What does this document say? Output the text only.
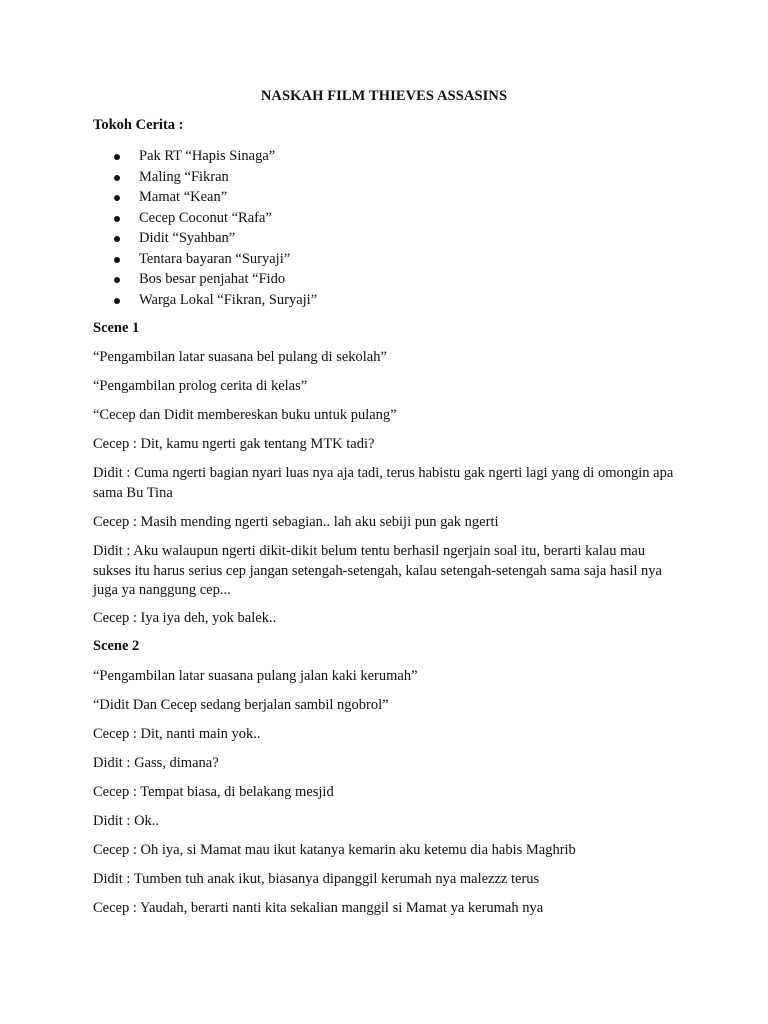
NASKAH FILM THIEVES ASSASINS
Tokoh Cerita :
Pak RT “Hapis Sinaga”
Maling “Fikran
Mamat “Kean”
Cecep Coconut “Rafa”
Didit “Syahban”
Tentara bayaran “Suryaji”
Bos besar penjahat “Fido
Warga Lokal “Fikran, Suryaji”
Scene 1
“Pengambilan latar suasana bel pulang di sekolah”
“Pengambilan prolog cerita di kelas”
“Cecep dan Didit membereskan buku untuk pulang”
Cecep : Dit, kamu ngerti gak tentang MTK tadi?
Didit : Cuma ngerti bagian nyari luas nya aja tadi, terus habistu gak ngerti lagi yang di omongin apa sama Bu Tina
Cecep : Masih mending ngerti sebagian.. lah aku sebiji pun gak ngerti
Didit : Aku walaupun ngerti dikit-dikit belum tentu berhasil ngerjain soal itu, berarti kalau mau sukses itu harus serius cep jangan setengah-setengah, kalau setengah-setengah sama saja hasil nya juga ya nanggung cep...
Cecep : Iya iya deh, yok balek..
Scene 2
“Pengambilan latar suasana pulang jalan kaki kerumah”
“Didit Dan Cecep sedang berjalan sambil ngobrol”
Cecep : Dit, nanti main yok..
Didit : Gass, dimana?
Cecep : Tempat biasa, di belakang mesjid
Didit : Ok..
Cecep : Oh iya, si Mamat mau ikut katanya kemarin aku ketemu dia habis Maghrib
Didit : Tumben tuh anak ikut, biasanya dipanggil kerumah nya malezzz terus
Cecep : Yaudah, berarti nanti kita sekalian manggil si Mamat ya kerumah nya
